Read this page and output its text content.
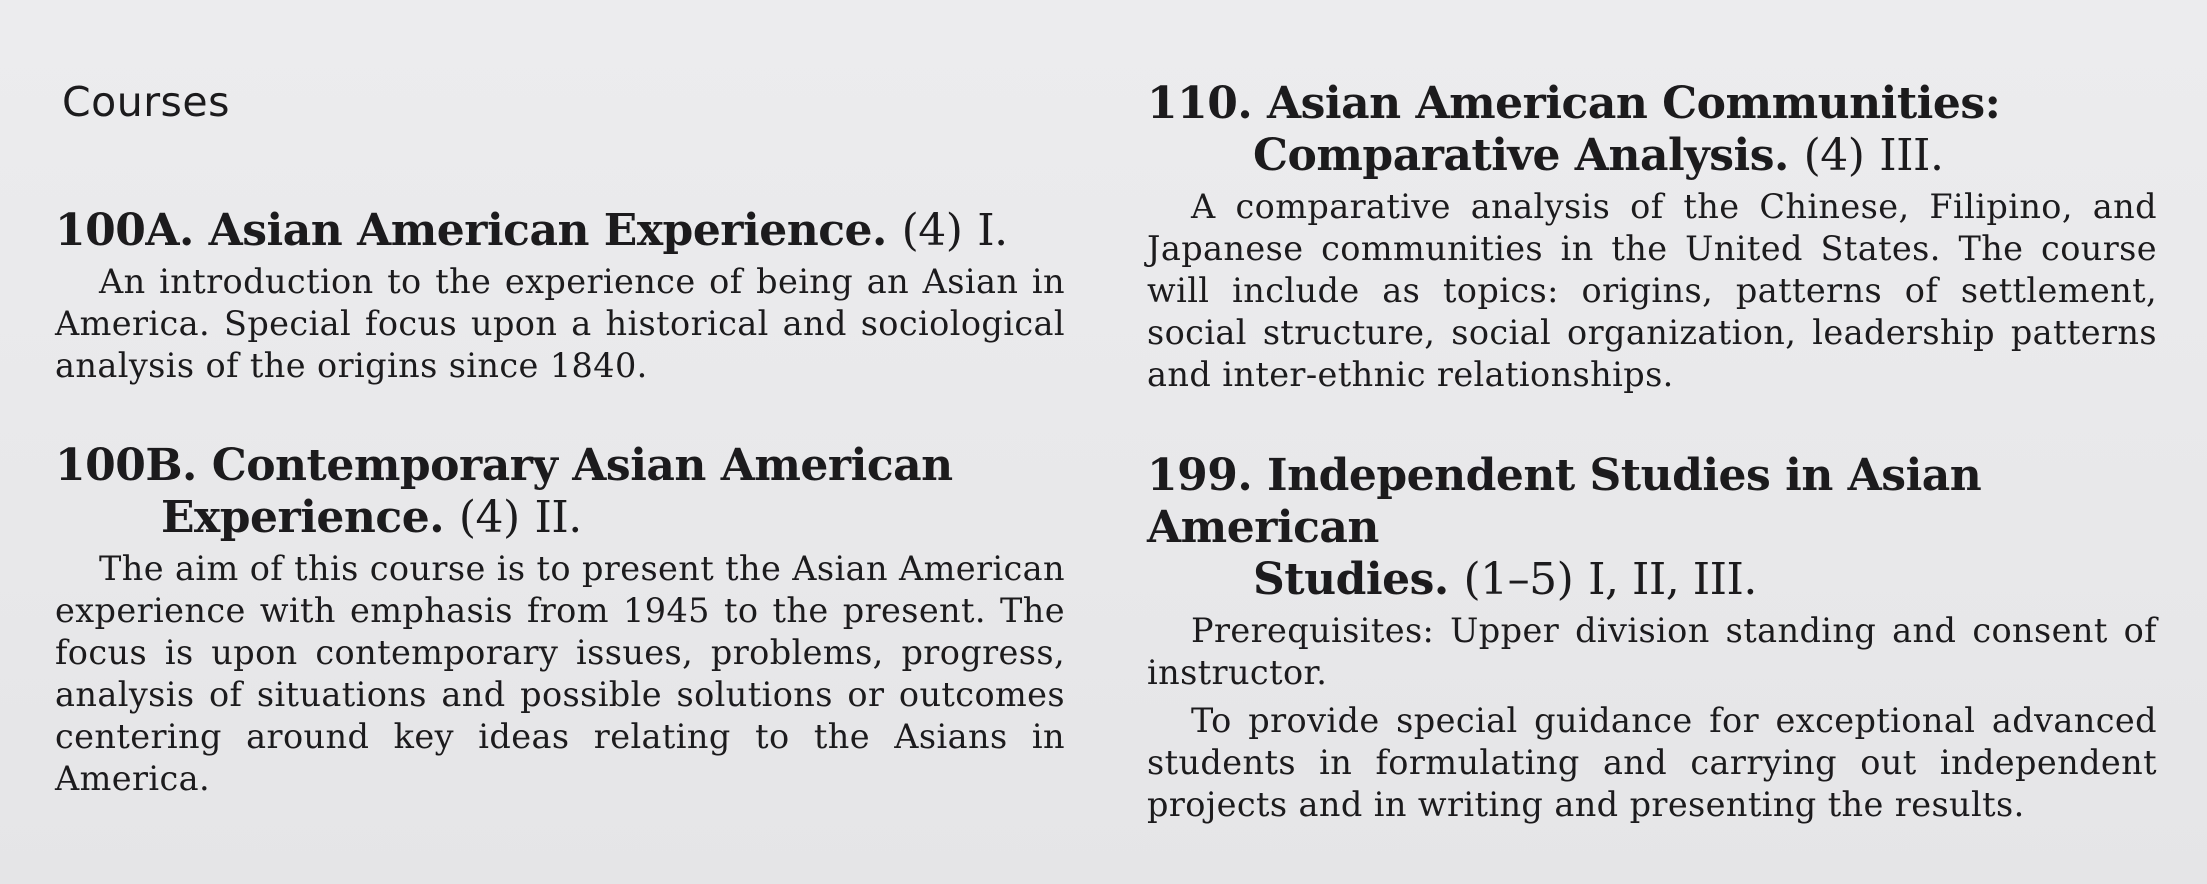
Courses
100A. Asian American Experience. (4) I.

An introduction to the experience of being an Asian in America. Special focus upon a historical and sociological analysis of the origins since 1840.

100B. Contemporary Asian American
Experience. (4) II.

The aim of this course is to present the Asian American experience with emphasis from 1945 to the present. The focus is upon contemporary issues, problems, progress, analysis of situations and possible solutions or outcomes centering around key ideas relating to the Asians in America.

110. Asian American Communities:
Comparative Analysis. (4) III.

A comparative analysis of the Chinese, Filipino, and Japanese communities in the United States. The course will include as topics: origins, patterns of settlement, social structure, social organization, leadership patterns and inter-ethnic relationships.

199. Independent Studies in Asian American
Studies. (1–5) I, II, III.

Prerequisites: Upper division standing and consent of instructor.

To provide special guidance for exceptional advanced students in formulating and carrying out independent projects and in writing and presenting the results.
